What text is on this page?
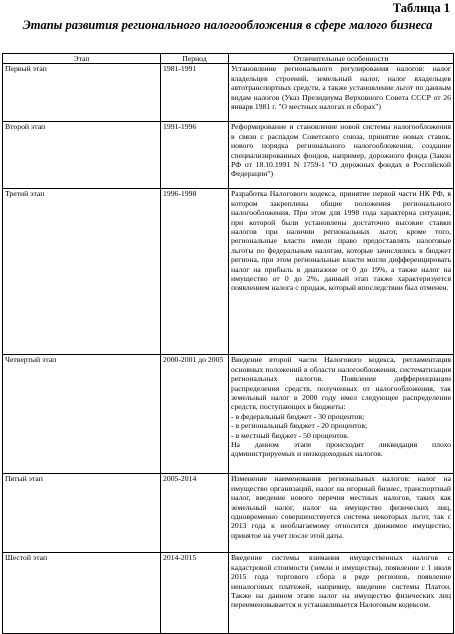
Таблица 1
Этапы развития регионального налогообложения в сфере малого бизнеса
Этап	Период	Отличительные особенности
Первый этап	1981-1991	Установление регионального регулирования налогов: налог владельцев строений, земельный налог, налог владельцев автотранспортных средств, а также установление льгот по данным видам налогов (Указ Президиума Верховного Совета СССР от 26 января 1981 г. "О местных налогах и сборах")
Второй этап	1991-1996	Реформирование и становление новой системы налогообложения в связи с распадом Советского союза, принятие новых ставок, нового порядка регионального налогообложения, создание специализированных фондов, например, дорожного фонда (Закон РФ от 18.10.1991 N 1759-1 "О дорожных фондах в Российской Федерации")
Третий этап	1996-1998	Разработка Налогового кодекса, принятие первой части НК РФ, в котором закреплены общие положения регионального налогообложения. При этом для 1998 года характерна ситуация, при которой были установлены достаточно высокие ставки налогов при наличии региональных льгот, кроме того, региональные власти имели право предоставлять налоговые льготы по федеральным налогам, которые зачислялись в бюджет региона, при этом региональные власти могли дифференцировать налог на прибыль в диапазоне от 0 до 19%, а также налог на имущество от 0 до 2%, данный этап также характеризуется появлением налога с продаж, который впоследствии был отменен.
Четвертый этап	2000-2001 до 2005	Введение второй части Налогового кодекса, регламентация основных положений в области налогообложения, систематизация региональных налогов. Появление дифференциации распределения средств, полученных от налогообложения, так земельный налог в 2000 году имел следующее распределение средств, поступающих в бюджеты:
- в федеральный бюджет - 30 процентов;
- в региональный бюджет - 20 процентов;
- в местный бюджет - 50 процентов.
На данном этапе происходит ликвидация плохо администрируемых и низкодоходных налогов.

Пятый этап	2005-2014	Изменение наименования региональных налогов: налог на имущество организаций, налог на игорный бизнес, транспортный налог, введение нового перечня местных налогов, таких как земельный налог, налог на имущество физических лиц, одновременно совершенствуется система некоторых льгот, так с 2013 года к необлагаемому относится движимое имущество, принятое на учет после этой даты.
Шестой этап	2014-2015	Введение системы взимания имущественных налогов с кадастровой стоимости (земли и имущества), появление с 1 июля 2015 года торгового сбора в ряде регионов, появление неналоговых платежей, например, введение системы Платон. Также на данном этапе налог на имущество физических лиц переименовывается и устанавливается Налоговым кодексом.
